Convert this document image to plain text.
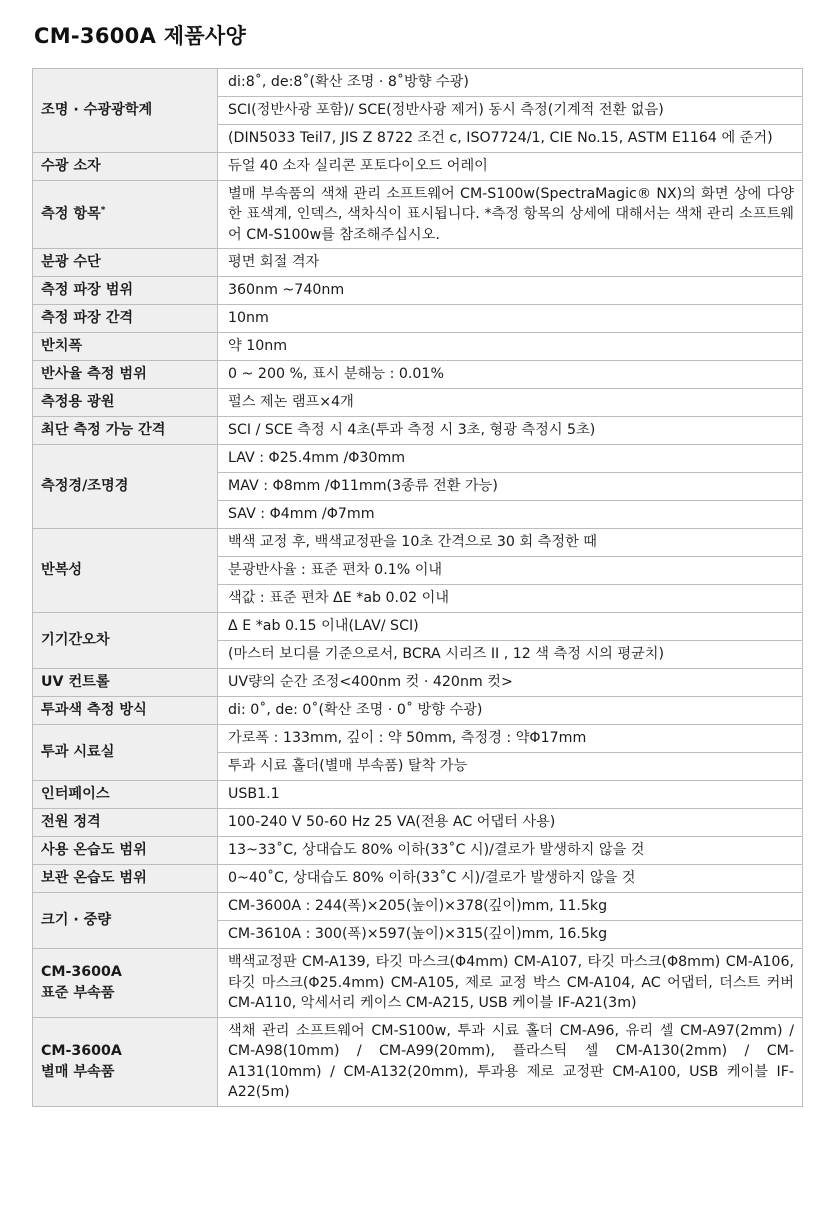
CM-3600A 제품사양
조명 · 수광광학계	di:8˚, de:8˚(확산 조명 · 8˚방향 수광)
	SCI(정반사광 포함)/ SCE(정반사광 제거) 동시 측정(기계적 전환 없음)
	(DIN5033 Teil7, JIS Z 8722 조건 c, ISO7724/1, CIE No.15, ASTM E1164 에 준거)
수광 소자	듀얼 40 소자 실리콘 포토다이오드 어레이
측정 항목*	별매 부속품의 색채 관리 소프트웨어 CM-S100w(SpectraMagic® NX)의 화면 상에 다양한 표색계, 인덱스, 색차식이 표시됩니다. *측정 항목의 상세에 대해서는 색채 관리 소프트웨어 CM-S100w를 참조해주십시오.
분광 수단	평면 회절 격자
측정 파장 범위	360nm ~740nm
측정 파장 간격	10nm
반치폭	약 10nm
반사율 측정 범위	0 ~ 200 %, 표시 분해능 : 0.01%
측정용 광원	펄스 제논 램프×4개
최단 측정 가능 간격	SCI / SCE 측정 시 4초(투과 측정 시 3초, 형광 측정시 5초)
측정경/조명경	LAV : Φ25.4mm /Φ30mm
	MAV : Φ8mm /Φ11mm(3종류 전환 가능)
	SAV : Φ4mm /Φ7mm
반복성	백색 교정 후, 백색교정판을 10초 간격으로 30 회 측정한 때
	분광반사율 : 표준 편차 0.1% 이내
	색값 : 표준 편차 ΔE *ab 0.02 이내
기기간오차	Δ E *ab 0.15 이내(LAV/ SCI)
	(마스터 보디를 기준으로서, BCRA 시리즈 II , 12 색 측정 시의 평균치)
UV 컨트롤	UV량의 순간 조정<400nm 컷 · 420nm 컷>
투과색 측정 방식	di: 0˚, de: 0˚(확산 조명 · 0˚ 방향 수광)
투과 시료실	가로폭 : 133mm, 깊이 : 약 50mm, 측정경 : 약Φ17mm
	투과 시료 홀더(별매 부속품) 탈착 가능
인터페이스	USB1.1
전원 정격	100-240 V 50-60 Hz 25 VA(전용 AC 어댑터 사용)
사용 온습도 범위	13~33˚C, 상대습도 80% 이하(33˚C 시)/결로가 발생하지 않을 것
보관 온습도 범위	0~40˚C, 상대습도 80% 이하(33˚C 시)/결로가 발생하지 않을 것
크기 · 중량	CM-3600A : 244(폭)×205(높이)×378(깊이)mm, 11.5kg
	CM-3610A : 300(폭)×597(높이)×315(깊이)mm, 16.5kg

CM-3600A
표준 부속품	백색교정판 CM-A139, 타깃 마스크(Φ4mm) CM-A107, 타깃 마스크(Φ8mm) CM-A106, 타깃 마스크(Φ25.4mm) CM-A105, 제로 교정 박스 CM-A104, AC 어댑터, 더스트 커버 CM-A110, 악세서리 케이스 CM-A215, USB 케이블 IF-A21(3m)

CM-3600A
별매 부속품	색채 관리 소프트웨어 CM-S100w, 투과 시료 홀더 CM-A96, 유리 셀 CM-A97(2mm) / CM-A98(10mm) / CM-A99(20mm), 플라스틱 셀 CM-A130(2mm) / CM-A131(10mm) / CM-A132(20mm), 투과용 제로 교정판 CM-A100, USB 케이블 IF-A22(5m)
